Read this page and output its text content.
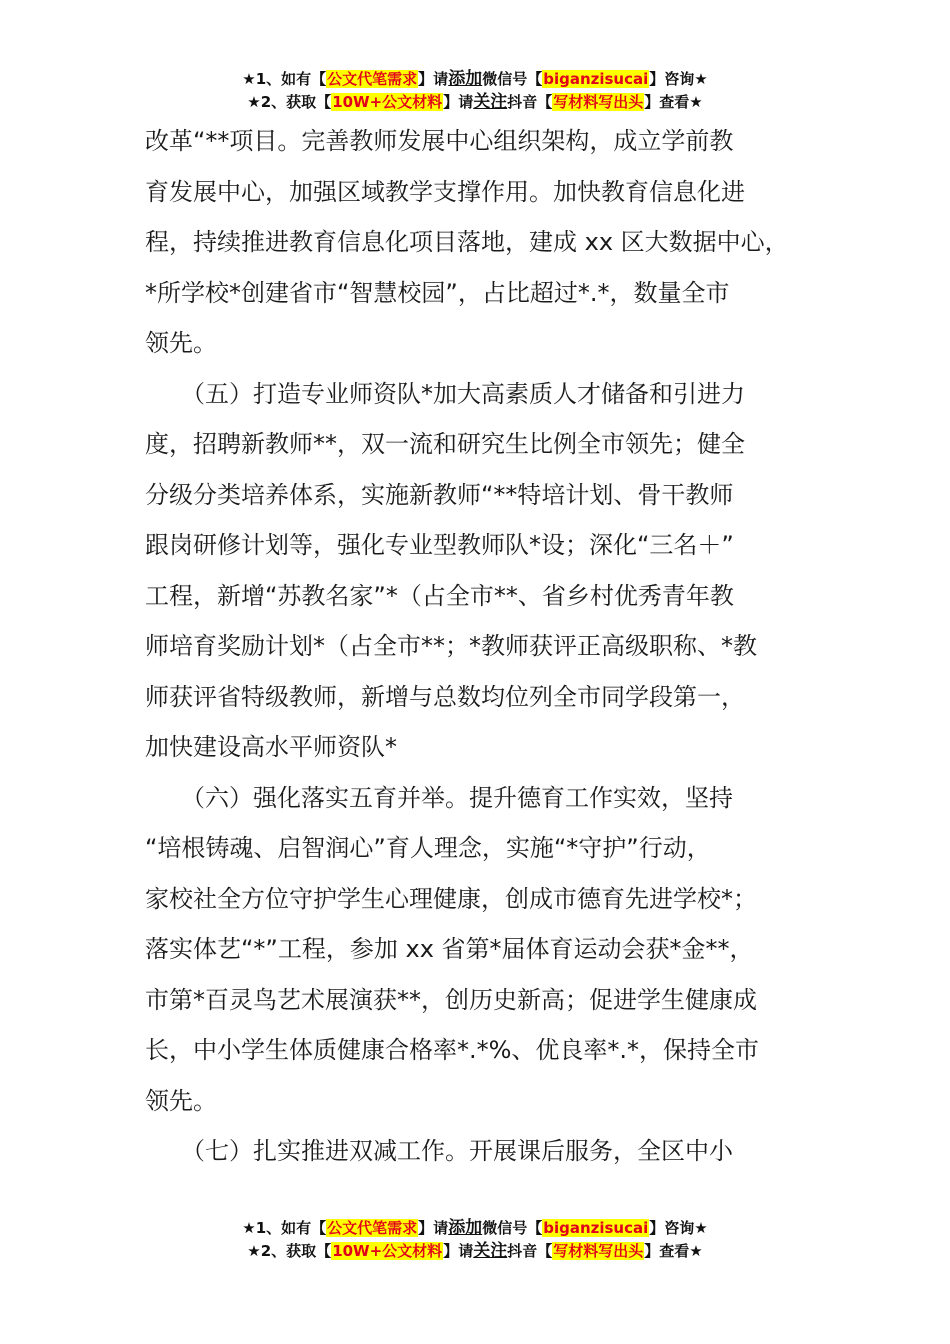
★1、如有【公文代笔需求】请添加微信号【biganzisucai】咨询★
★2、获取【10W+公文材料】请关注抖音【写材料写出头】查看★
改革“**项目。完善教师发展中心组织架构，成立学前教
育发展中心，加强区域教学支撑作用。加快教育信息化进
程，持续推进教育信息化项目落地，建成 xx 区大数据中心，
*所学校*创建省市“智慧校园”，占比超过*.*，数量全市
领先。
　　（五）打造专业师资队*加大高素质人才储备和引进力
度，招聘新教师**，双一流和研究生比例全市领先；健全
分级分类培养体系，实施新教师“**特培计划、骨干教师
跟岗研修计划等，强化专业型教师队*设；深化“三名＋”
工程，新增“苏教名家”*（占全市**、省乡村优秀青年教
师培育奖励计划*（占全市**；*教师获评正高级职称、*教
师获评省特级教师，新增与总数均位列全市同学段第一，
加快建设高水平师资队*
　　（六）强化落实五育并举。提升德育工作实效，坚持
“培根铸魂、启智润心”育人理念，实施“*守护”行动，
家校社全方位守护学生心理健康，创成市德育先进学校*；
落实体艺“*”工程，参加 xx 省第*届体育运动会获*金**，
市第*百灵鸟艺术展演获**，创历史新高；促进学生健康成
长，中小学生体质健康合格率*.*%、优良率*.*，保持全市
领先。
　　（七）扎实推进双减工作。开展课后服务，全区中小
★1、如有【公文代笔需求】请添加微信号【biganzisucai】咨询★
★2、获取【10W+公文材料】请关注抖音【写材料写出头】查看★
